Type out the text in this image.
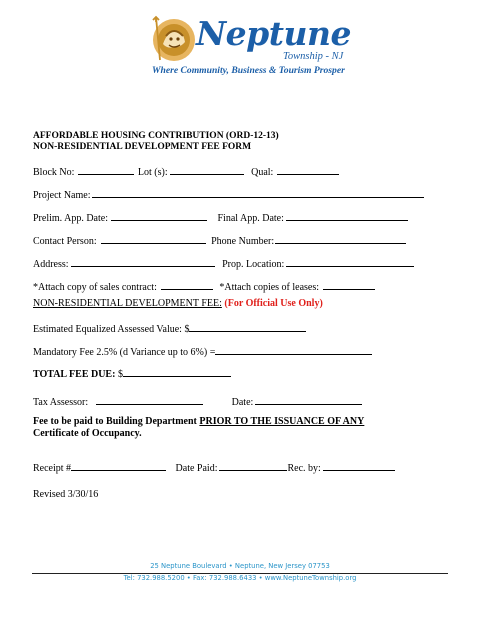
Neptune
Township - NJ
Where Community, Business & Tourism Prosper
AFFORDABLE HOUSING CONTRIBUTION (ORD-12-13)
NON-RESIDENTIAL DEVELOPMENT FEE FORM
Block No:	Lot (s):	Qual:
Project Name:
Prelim. App. Date:	Final App. Date:
Contact Person:	Phone Number:
Address:	Prop. Location:
*Attach copy of sales contract:	*Attach copies of leases:
NON-RESIDENTIAL DEVELOPMENT FEE: (For Official Use Only)
Estimated Equalized Assessed Value: $
Mandatory Fee 2.5% (d Variance up to 6%) =
TOTAL FEE DUE: $
Tax Assessor:	Date:
Fee to be paid to Building Department PRIOR TO THE ISSUANCE OF ANY
Certificate of Occupancy.
Receipt #	Date Paid:	Rec. by:
Revised 3/30/16
25 Neptune Boulevard • Neptune, New Jersey 07753
Tel: 732.988.5200 • Fax: 732.988.6433 • www.NeptuneTownship.org
